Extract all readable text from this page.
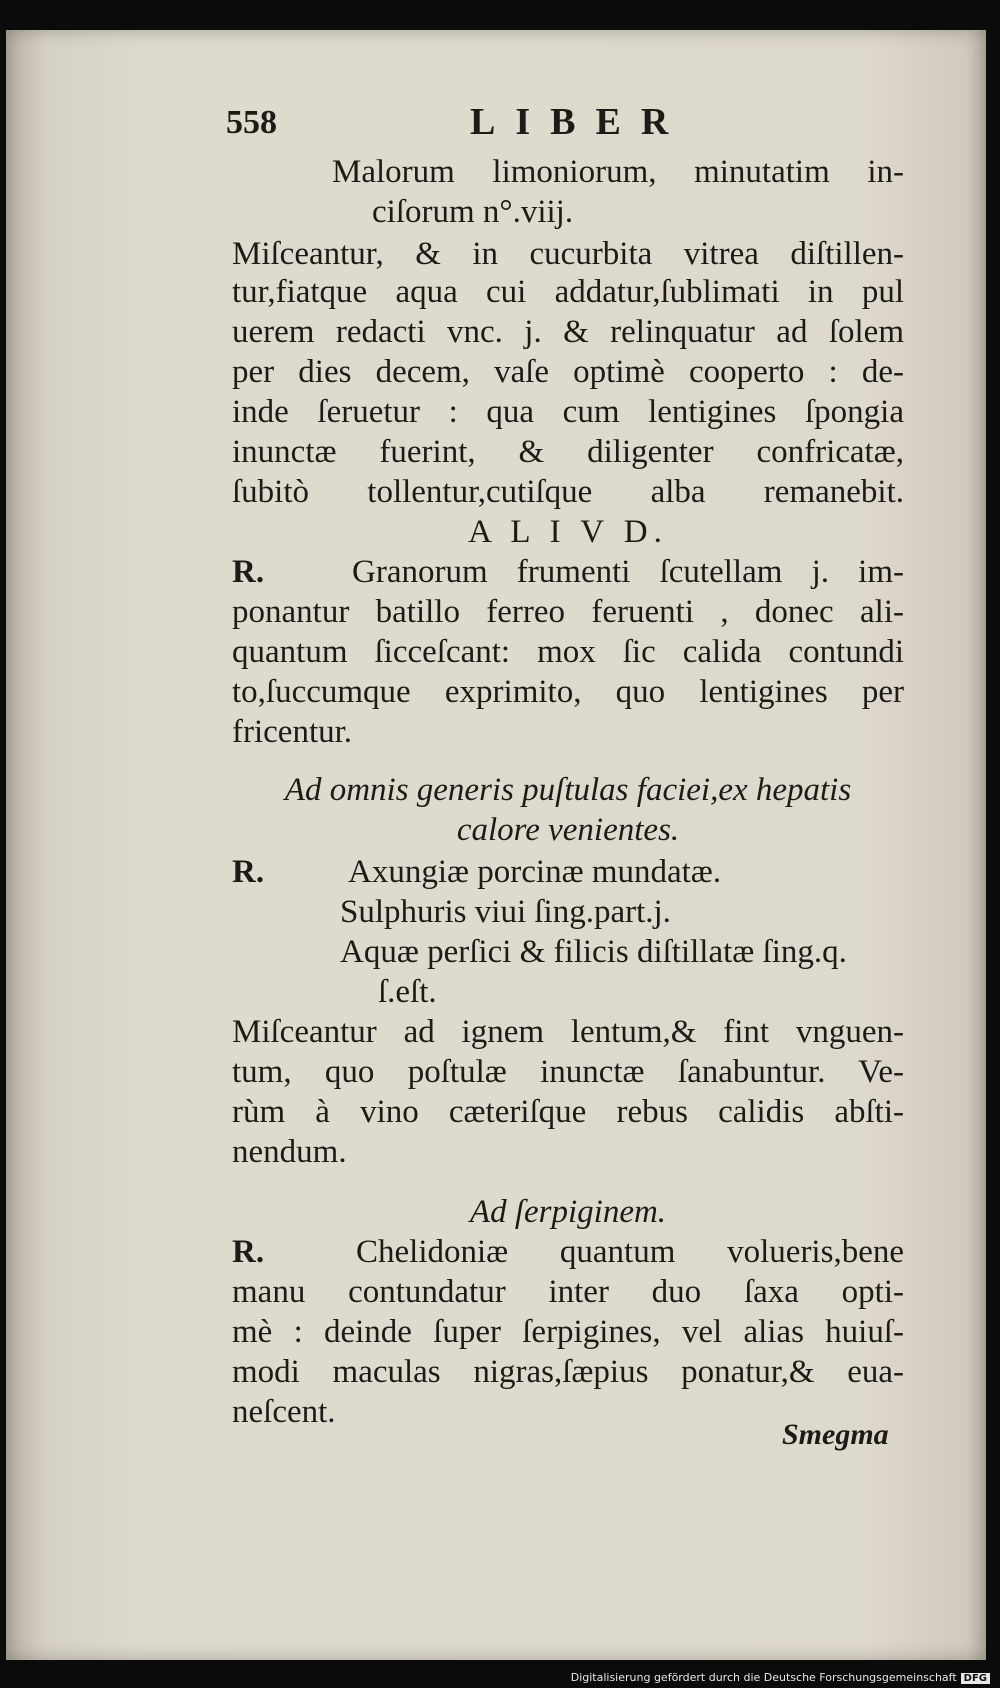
558	LIBER
Malorum limoniorum, minutatim in-
ciſorum n°.viij.
Miſceantur, & in cucurbita vitrea diſtillen-
tur,fiatque aqua cui addatur,ſublimati in pul
uerem redacti vnc. j. & relinquatur ad ſolem
per dies decem, vaſe optimè cooperto : de-
inde ſeruetur : qua cum lentigines ſpongia
inunctæ fuerint, & diligenter confricatæ,
ſubitò tollentur,cutiſque alba remanebit.
A L I V D.
R.	Granorum frumenti ſcutellam j. im-
ponantur batillo ferreo feruenti , donec ali-
quantum ſicceſcant: mox ſic calida contundi
to,ſuccumque exprimito, quo lentigines per
fricentur.
Ad omnis generis puſtulas faciei,ex hepatis
calore venientes.
R.	Axungiæ porcinæ mundatæ.
Sulphuris viui ſing.part.j.
Aquæ perſici & filicis diſtillatæ ſing.q.
ſ.eſt.
Miſceantur ad ignem lentum,& fint vnguen-
tum, quo poſtulæ inunctæ ſanabuntur. Ve-
rùm à vino cæteriſque rebus calidis abſti-
nendum.
Ad ſerpiginem.
R.	Chelidoniæ quantum volueris,bene
manu contundatur inter duo ſaxa opti-
mè : deinde ſuper ſerpigines, vel alias huiuſ-
modi maculas nigras,ſæpius ponatur,& eua-
neſcent.
Smegma
Digitalisierung gefördert durch die Deutsche Forschungsgemeinschaft DFG
